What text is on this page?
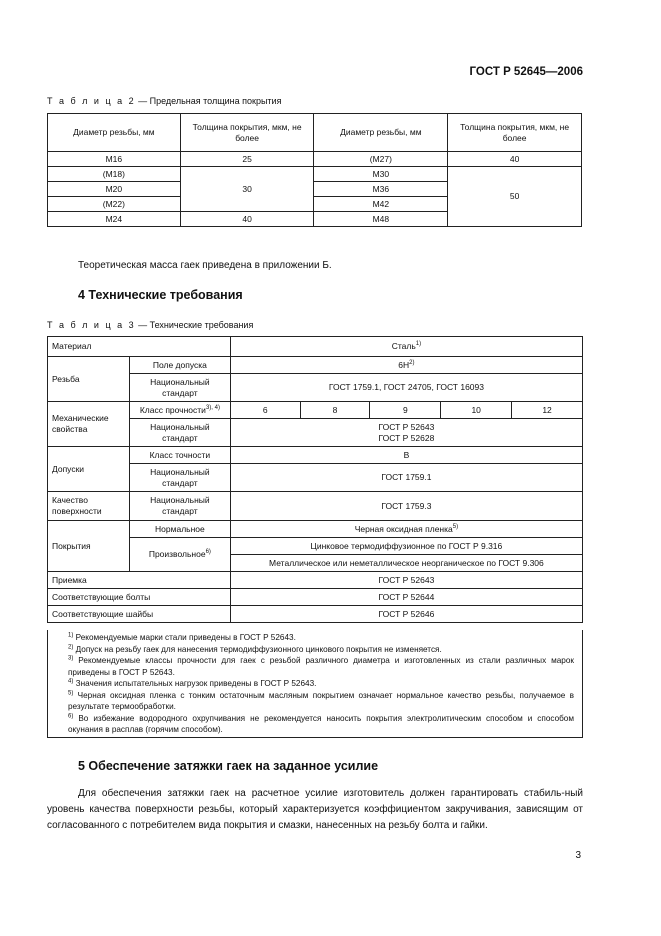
ГОСТ Р 52645—2006
Т а б л и ц а 2 — Предельная толщина покрытия
Диаметр резьбы, мм	Толщина покрытия, мкм, не более	Диаметр резьбы, мм	Толщина покрытия, мкм, не более
М16	25	(М27)	40
(М18)	30	М30	50
М20		М36	
(М22)		М42	
М24	40	М48	
Теоретическая масса гаек приведена в приложении Б.
4 Технические требования
Т а б л и ц а 3 — Технические требования
Материал		Сталь$^{1)}$
Резьба	Поле допуска	$6Н^{2)}$
	Национальный стандарт	ГОСТ 1759.1, ГОСТ 24705, ГОСТ 16093				
Механические свойства	Класс прочности$^{3), 4)}$	6	8	9	10	12
	Национальный стандарт	ГОСТ Р 52643
ГОСТ Р 52628				

Допуски	Класс точности	В				
	Национальный стандарт	ГОСТ 1759.1				
Качество поверхности	Национальный стандарт	ГОСТ 1759.3				
Покрытия	Нормальное	Черная оксидная пленка$^{5)}$
	Произвольное$^{6)}$	Цинковое термодиффузионное по ГОСТ Р 9.316				
		Металлическое или неметаллическое неорганическое по ГОСТ 9.306				
Приемка		ГОСТ Р 52643				
Соответствующие болты		ГОСТ Р 52644				
Соответствующие шайбы		ГОСТ Р 52646				

$^{1)}$ Рекомендуемые марки стали приведены в ГОСТ Р 52643.

$^{2)}$ Допуск на резьбу гаек для нанесения термодиффузионного цинкового покрытия не изменяется.

$^{3)}$ Рекомендуемые классы прочности для гаек с резьбой различного диаметра и изготовленных из стали различных марок приведены в ГОСТ Р 52643.

$^{4)}$ Значения испытательных нагрузок приведены в ГОСТ Р 52643.

$^{5)}$ Черная оксидная пленка с тонким остаточным масляным покрытием означает нормальное качество резьбы, получаемое в результате термообработки.

$^{6)}$ Во избежание водородного охрупчивания не рекомендуется наносить покрытия электролитическим способом и способом окунания в расплав (горячим способом).

5 Обеспечение затяжки гаек на заданное усилие
Для обеспечения затяжки гаек на расчетное усилие изготовитель должен гарантировать стабиль-ный уровень качества поверхности резьбы, который характеризуется коэффициентом закручивания, зависящим от согласованного с потребителем вида покрытия и смазки, нанесенных на резьбу болта и гайки.
3
